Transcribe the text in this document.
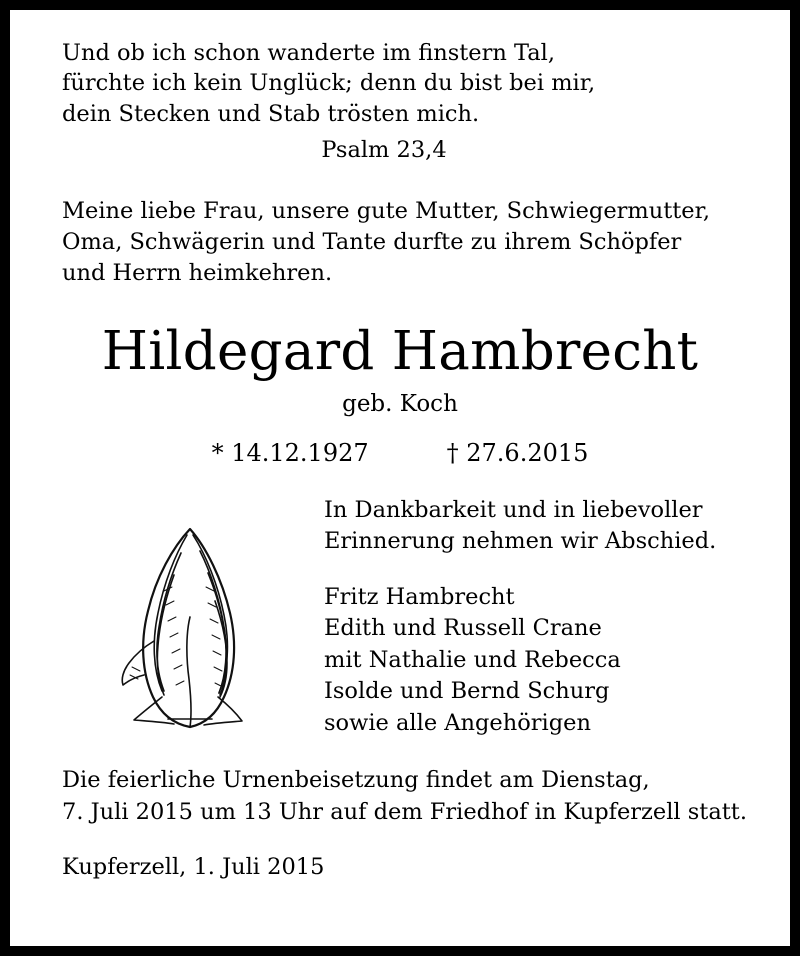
Und ob ich schon wanderte im finstern Tal,
fürchte ich kein Unglück; denn du bist bei mir,
dein Stecken und Stab trösten mich.
Psalm 23,4
Meine liebe Frau, unsere gute Mutter, Schwiegermutter,
Oma, Schwägerin und Tante durfte zu ihrem Schöpfer
und Herrn heimkehren.
Hildegard Hambrecht
geb. Koch
* 14.12.1927	† 27.6.2015
In Dankbarkeit und in liebevoller
Erinnerung nehmen wir Abschied.
Fritz Hambrecht
Edith und Russell Crane
mit Nathalie und Rebecca
Isolde und Bernd Schurg
sowie alle Angehörigen
Die feierliche Urnenbeisetzung findet am Dienstag,
7. Juli 2015 um 13 Uhr auf dem Friedhof in Kupferzell statt.
Kupferzell, 1. Juli 2015
